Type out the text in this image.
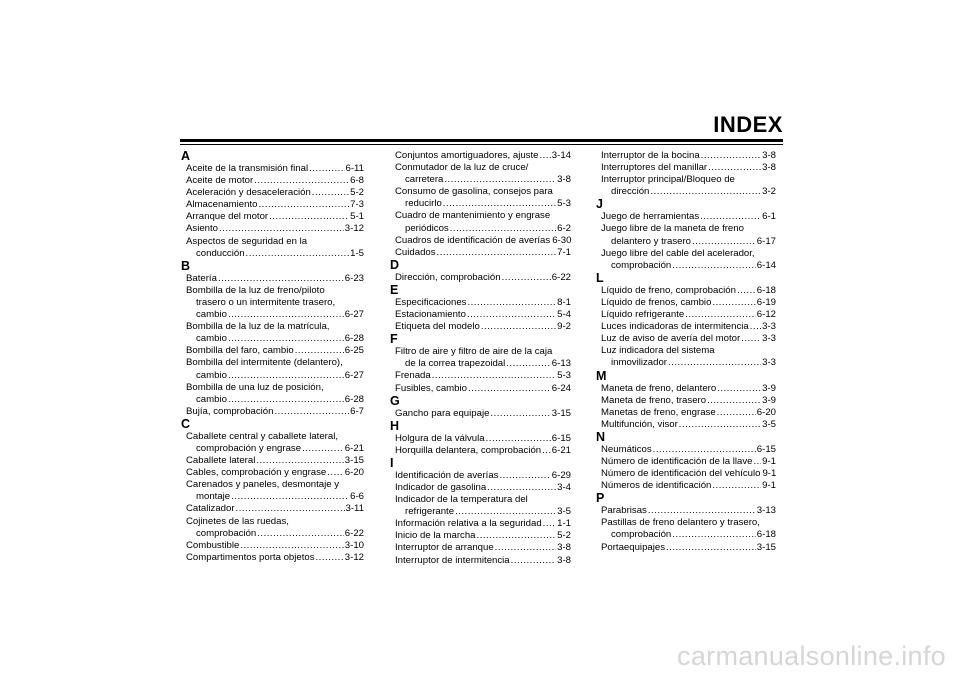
INDEX
A
Aceite de la transmisión final .....	6-11
Aceite de motor .....	6-8
Aceleración y desaceleración .....	5-2
Almacenamiento .....	7-3
Arranque del motor .....	5-1
Asiento .....	3-12
Aspectos de seguridad en la
conducción .....	1-5
B
Batería .....	6-23
Bombilla de la luz de freno/piloto
trasero o un intermitente trasero,
cambio .....	6-27
Bombilla de la luz de la matrícula,
cambio .....	6-28
Bombilla del faro, cambio .....	6-25
Bombilla del intermitente (delantero),
cambio .....	6-27
Bombilla de una luz de posición,
cambio .....	6-28
Bujía, comprobación .....	6-7
C
Caballete central y caballete lateral,
comprobación y engrase .....	6-21
Caballete lateral .....	3-15
Cables, comprobación y engrase ..... 6-20
Carenados y paneles, desmontaje y
montaje .....	6-6
Catalizador .....	3-11
Cojinetes de las ruedas,
comprobación .....	6-22
Combustible .....	3-10
Compartimentos porta objetos .....	3-12
Conjuntos amortiguadores, ajuste ..... 3-14
Conmutador de la luz de cruce/
carretera .....	3-8
Consumo de gasolina, consejos para
reducirlo .....	5-3
Cuadro de mantenimiento y engrase
periódicos .....	6-2
Cuadros de identificación de averías 6-30
Cuidados .....	7-1
D
Dirección, comprobación .....	6-22
E
Especificaciones .....	8-1
Estacionamiento .....	5-4
Etiqueta del modelo .....	9-2
F
Filtro de aire y filtro de aire de la caja
de la correa trapezoidal .....	6-13
Frenada .....	5-3
Fusibles, cambio .....	6-24
G
Gancho para equipaje .....	3-15
H
Holgura de la válvula .....	6-15
Horquilla delantera, comprobación ..... 6-21
I
Identificación de averías .....	6-29
Indicador de gasolina .....	3-4
Indicador de la temperatura del
refrigerante .....	3-5
Información relativa a la seguridad ..... 1-1
Inicio de la marcha .....	5-2
Interruptor de arranque .....	3-8
Interruptor de intermitencia .....	3-8
Interruptor de la bocina .....	3-8
Interruptores del manillar .....	3-8
Interruptor principal/Bloqueo de
dirección .....	3-2
J
Juego de herramientas .....	6-1
Juego libre de la maneta de freno
delantero y trasero .....	6-17
Juego libre del cable del acelerador,
comprobación .....	6-14
L
Líquido de freno, comprobación ..... 6-18
Líquido de frenos, cambio .....	6-19
Líquido refrigerante .....	6-12
Luces indicadoras de intermitencia ..... 3-3
Luz de aviso de avería del motor ..... 3-3
Luz indicadora del sistema
inmovilizador .....	3-3
M
Maneta de freno, delantero .....	3-9
Maneta de freno, trasero .....	3-9
Manetas de freno, engrase .....	6-20
Multifunción, visor .....	3-5
N
Neumáticos .....	6-15
Número de identificación de la llave ..... 9-1
Número de identificación del vehículo 9-1
Números de identificación .....	9-1
P
Parabrisas .....	3-13
Pastillas de freno delantero y trasero,
comprobación .....	6-18
Portaequipajes .....	3-15
carmanualsonline.info
